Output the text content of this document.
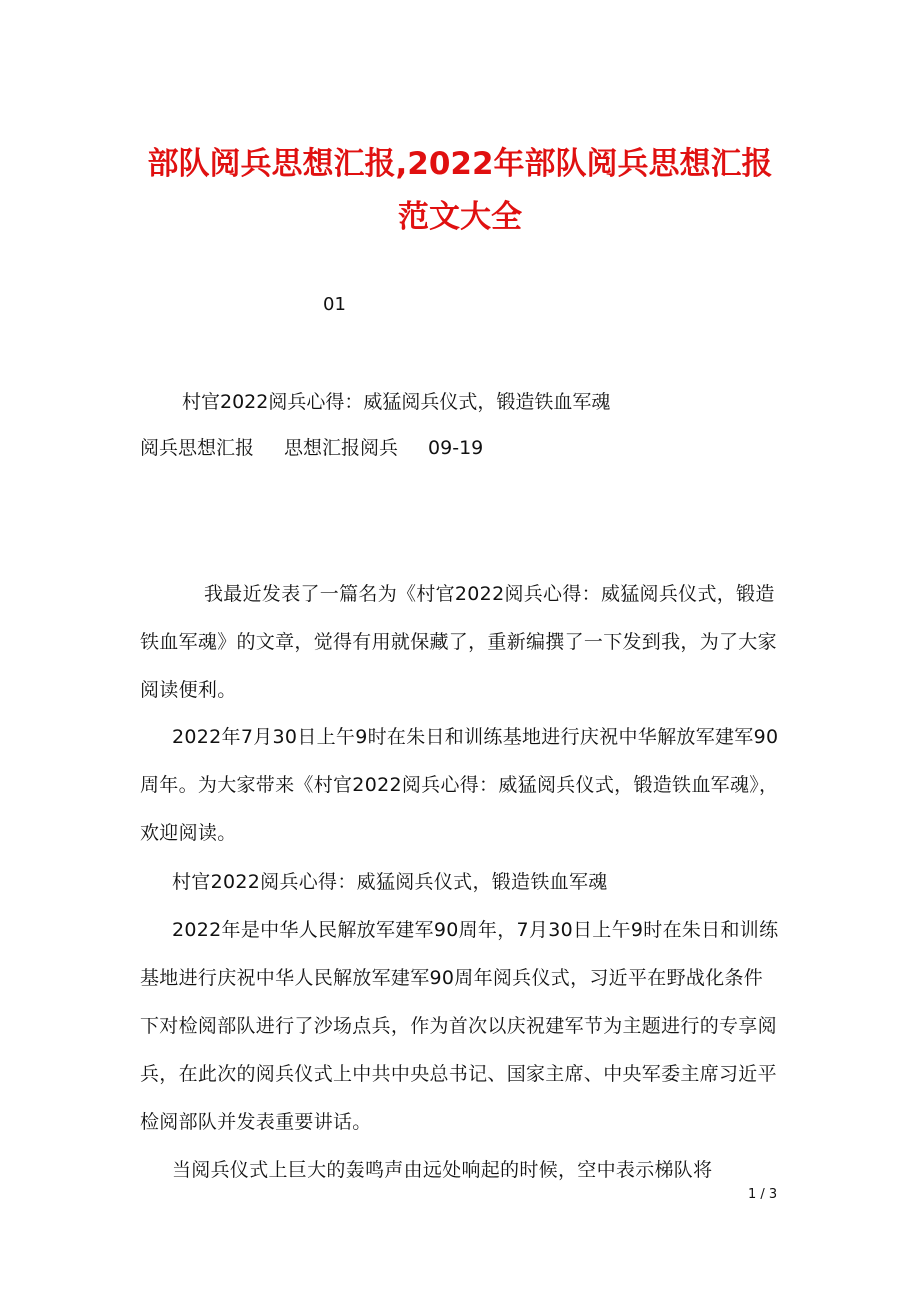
部队阅兵思想汇报,2022年部队阅兵思想汇报范文大全

01

村官2022阅兵心得：威猛阅兵仪式，锻造铁血军魂

阅兵思想汇报 思想汇报阅兵 09-19

我最近发表了一篇名为《村官2022阅兵心得：威猛阅兵仪式，锻造铁血军魂》的文章，觉得有用就保藏了，重新编撰了一下发到我，为了大家阅读便利。

2022年7月30日上午9时在朱日和训练基地进行庆祝中华解放军建军90周年。为大家带来《村官2022阅兵心得：威猛阅兵仪式，锻造铁血军魂》，欢迎阅读。

村官2022阅兵心得：威猛阅兵仪式，锻造铁血军魂

2022年是中华人民解放军建军90周年，7月30日上午9时在朱日和训练基地进行庆祝中华人民解放军建军90周年阅兵仪式，习近平在野战化条件下对检阅部队进行了沙场点兵，作为首次以庆祝建军节为主题进行的专享阅兵，在此次的阅兵仪式上中共中央总书记、国家主席、中央军委主席习近平检阅部队并发表重要讲话。

当阅兵仪式上巨大的轰鸣声由远处响起的时候，空中表示梯队将

1 / 3
